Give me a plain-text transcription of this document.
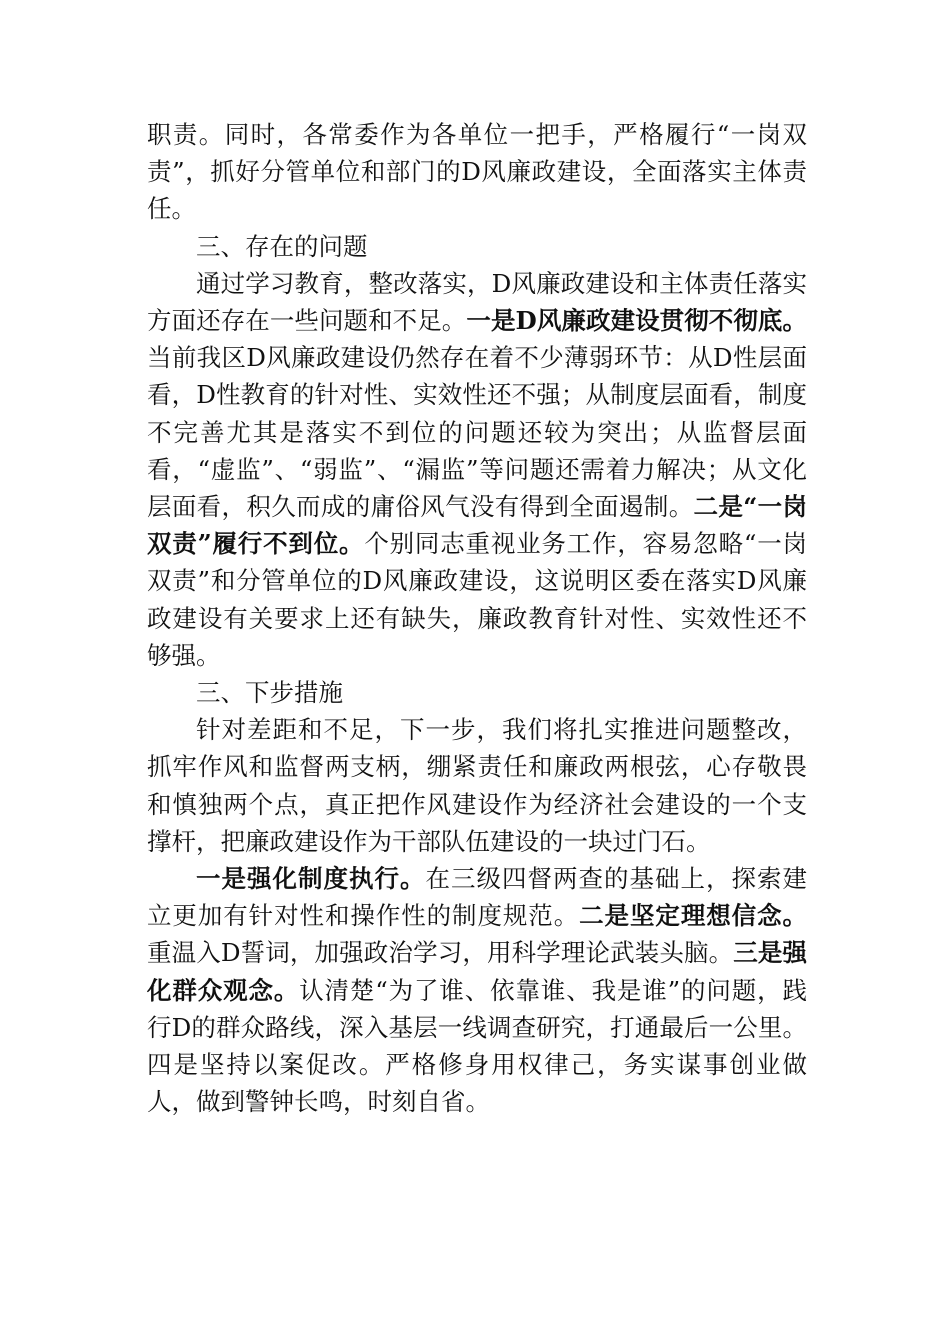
职责。同时，各常委作为各单位一把手，严格履行“一岗双责”，抓好分管单位和部门的D风廉政建设，全面落实主体责任。

三、存在的问题

通过学习教育，整改落实，D风廉政建设和主体责任落实方面还存在一些问题和不足。一是D风廉政建设贯彻不彻底。当前我区D风廉政建设仍然存在着不少薄弱环节：从D性层面看，D性教育的针对性、实效性还不强；从制度层面看，制度不完善尤其是落实不到位的问题还较为突出；从监督层面看，“虚监”、“弱监”、“漏监”等问题还需着力解决；从文化层面看，积久而成的庸俗风气没有得到全面遏制。二是“一岗双责”履行不到位。个别同志重视业务工作，容易忽略“一岗双责”和分管单位的D风廉政建设，这说明区委在落实D风廉政建设有关要求上还有缺失，廉政教育针对性、实效性还不够强。

三、下步措施

针对差距和不足，下一步，我们将扎实推进问题整改，抓牢作风和监督两支柄，绷紧责任和廉政两根弦，心存敬畏和慎独两个点，真正把作风建设作为经济社会建设的一个支撑杆，把廉政建设作为干部队伍建设的一块过门石。

一是强化制度执行。在三级四督两查的基础上，探索建立更加有针对性和操作性的制度规范。二是坚定理想信念。重温入D誓词，加强政治学习，用科学理论武装头脑。三是强化群众观念。认清楚“为了谁、依靠谁、我是谁”的问题，践行D的群众路线，深入基层一线调查研究，打通最后一公里。四是坚持以案促改。严格修身用权律己，务实谋事创业做人，做到警钟长鸣，时刻自省。
